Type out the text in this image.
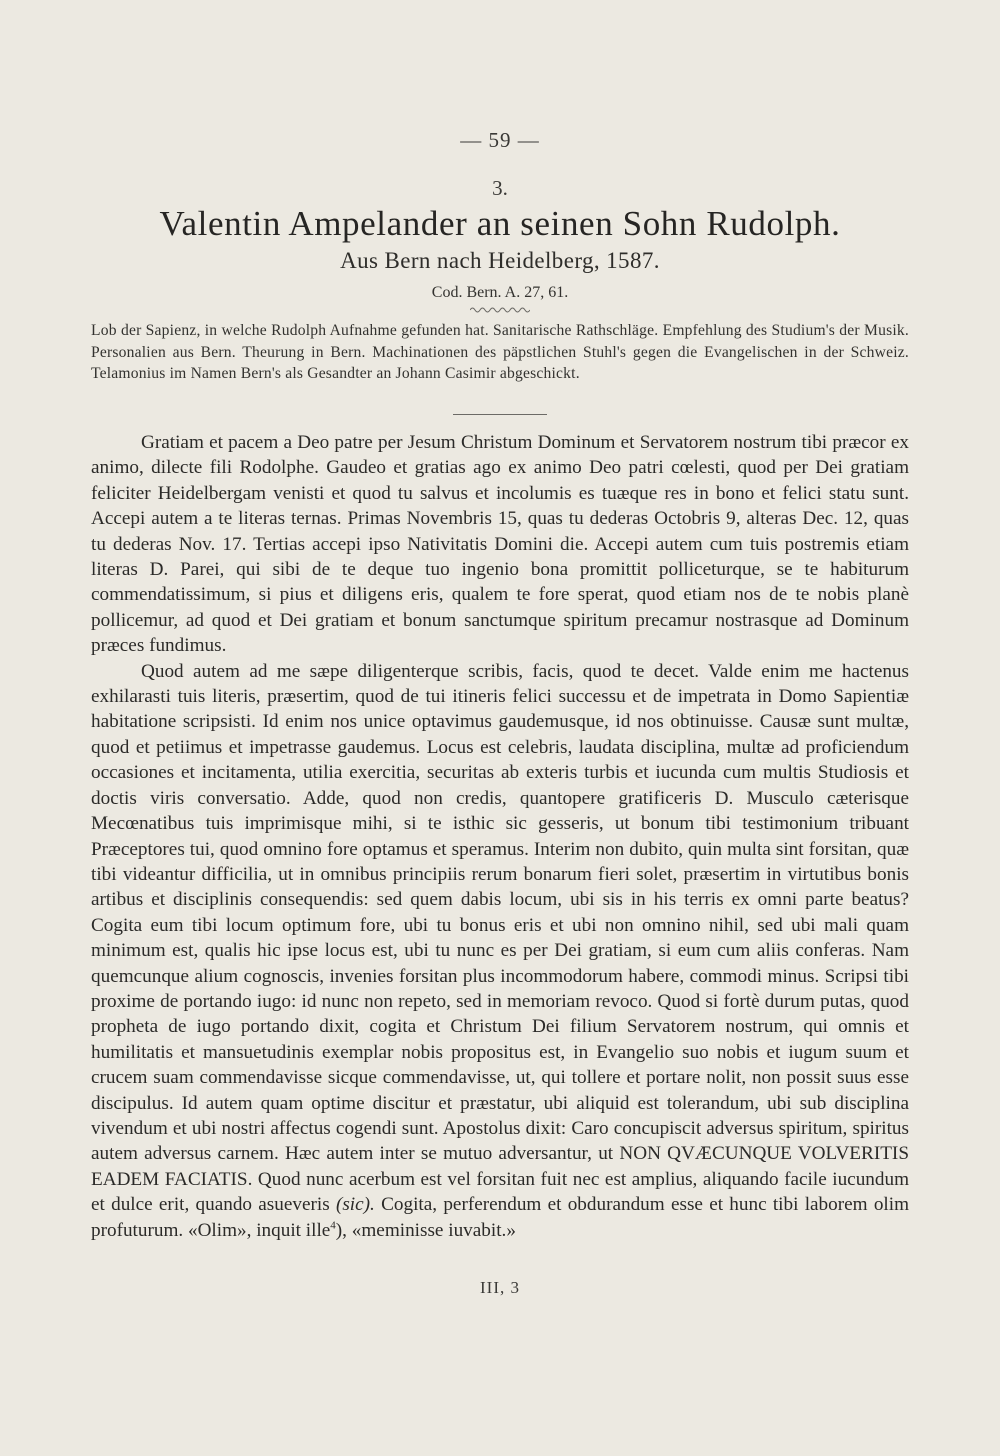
— 59 —
3.
Valentin Ampelander an seinen Sohn Rudolph.
Aus Bern nach Heidelberg, 1587.
Cod. Bern. A. 27, 61.
Lob der Sapienz, in welche Rudolph Aufnahme gefunden hat. Sanitarische Rathschläge. Empfehlung des Studium's der Musik. Personalien aus Bern. Theurung in Bern. Machinationen des päpstlichen Stuhl's gegen die Evangelischen in der Schweiz. Telamonius im Namen Bern's als Gesandter an Johann Casimir abgeschickt.

Gratiam et pacem a Deo patre per Jesum Christum Dominum et Servatorem nostrum tibi præcor ex animo, dilecte fili Rodolphe. Gaudeo et gratias ago ex animo Deo patri cœlesti, quod per Dei gratiam feliciter Heidelbergam venisti et quod tu salvus et incolumis es tuæque res in bono et felici statu sunt. Accepi autem a te literas ternas. Primas Novembris 15, quas tu dederas Octobris 9, alteras Dec. 12, quas tu dederas Nov. 17. Tertias accepi ipso Nativitatis Domini die. Accepi autem cum tuis postremis etiam literas D. Parei, qui sibi de te deque tuo ingenio bona promittit polliceturque, se te habiturum commendatissimum, si pius et diligens eris, qualem te fore sperat, quod etiam nos de te nobis planè pollicemur, ad quod et Dei gratiam et bonum sanctumque spiritum precamur nostrasque ad Dominum præces fundimus.

Quod autem ad me sæpe diligenterque scribis, facis, quod te decet. Valde enim me hactenus exhilarasti tuis literis, præsertim, quod de tui itineris felici successu et de impetrata in Domo Sapientiæ habitatione scripsisti. Id enim nos unice optavimus gaudemusque, id nos obtinuisse. Causæ sunt multæ, quod et petiimus et impetrasse gaudemus. Locus est celebris, laudata disciplina, multæ ad proficiendum occasiones et incitamenta, utilia exercitia, securitas ab exteris turbis et iucunda cum multis Studiosis et doctis viris conversatio. Adde, quod non credis, quantopere gratificeris D. Musculo cæterisque Mecœnatibus tuis imprimisque mihi, si te isthic sic gesseris, ut bonum tibi testimonium tribuant Præceptores tui, quod omnino fore optamus et speramus. Interim non dubito, quin multa sint forsitan, quæ tibi videantur difficilia, ut in omnibus principiis rerum bonarum fieri solet, præsertim in virtutibus bonis artibus et disciplinis consequendis: sed quem dabis locum, ubi sis in his terris ex omni parte beatus? Cogita eum tibi locum optimum fore, ubi tu bonus eris et ubi non omnino nihil, sed ubi mali quam minimum est, qualis hic ipse locus est, ubi tu nunc es per Dei gratiam, si eum cum aliis conferas. Nam quemcunque alium cognoscis, invenies forsitan plus incommodorum habere, commodi minus. Scripsi tibi proxime de portando iugo: id nunc non repeto, sed in memoriam revoco. Quod si fortè durum putas, quod propheta de iugo portando dixit, cogita et Christum Dei filium Servatorem nostrum, qui omnis et humilitatis et mansuetudinis exemplar nobis propositus est, in Evangelio suo nobis et iugum suum et crucem suam commendavisse sicque commendavisse, ut, qui tollere et portare nolit, non possit suus esse discipulus. Id autem quam optime discitur et præstatur, ubi aliquid est tolerandum, ubi sub disciplina vivendum et ubi nostri affectus cogendi sunt. Apostolus dixit: Caro concupiscit adversus spiritum, spiritus autem adversus carnem. Hæc autem inter se mutuo adversantur, ut NON QVÆCUNQUE VOLVERITIS EADEM FACIATIS. Quod nunc acerbum est vel forsitan fuit nec est amplius, aliquando facile iucundum et dulce erit, quando asueveris (sic). Cogita, perferendum et obdurandum esse et hunc tibi laborem olim profuturum. «Olim», inquit ille$^4$), «meminisse iuvabit.»

III, 3
